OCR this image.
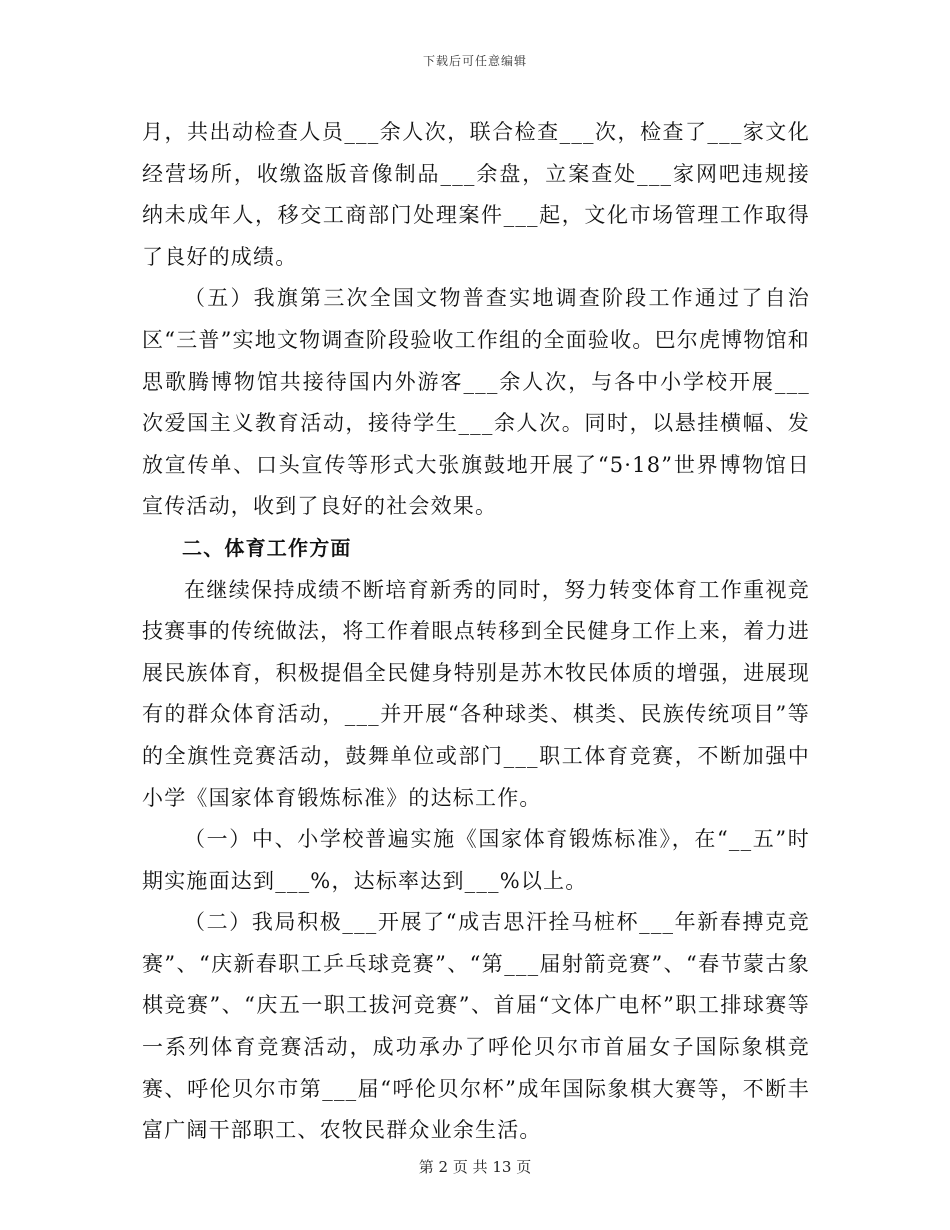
下载后可任意编辑

月，共出动检查人员___余人次，联合检查___次，检查了___家文化经营场所，收缴盗版音像制品___余盘，立案查处___家网吧违规接纳未成年人，移交工商部门处理案件___起，文化市场管理工作取得了良好的成绩。

（五）我旗第三次全国文物普查实地调查阶段工作通过了自治区“三普”实地文物调查阶段验收工作组的全面验收。巴尔虎博物馆和思歌腾博物馆共接待国内外游客___余人次，与各中小学校开展___次爱国主义教育活动，接待学生___余人次。同时，以悬挂横幅、发放宣传单、口头宣传等形式大张旗鼓地开展了“5·18”世界博物馆日宣传活动，收到了良好的社会效果。

二、体育工作方面

在继续保持成绩不断培育新秀的同时，努力转变体育工作重视竞技赛事的传统做法，将工作着眼点转移到全民健身工作上来，着力进展民族体育，积极提倡全民健身特别是苏木牧民体质的增强，进展现有的群众体育活动，___并开展“各种球类、棋类、民族传统项目”等的全旗性竞赛活动，鼓舞单位或部门___职工体育竞赛，不断加强中小学《国家体育锻炼标准》的达标工作。

（一）中、小学校普遍实施《国家体育锻炼标准》，在“__五”时期实施面达到___%，达标率达到___%以上。

（二）我局积极___开展了“成吉思汗拴马桩杯___年新春搏克竞赛”、“庆新春职工乒乓球竞赛”、“第___届射箭竞赛”、“春节蒙古象棋竞赛”、“庆五一职工拔河竞赛”、首届“文体广电杯”职工排球赛等一系列体育竞赛活动，成功承办了呼伦贝尔市首届女子国际象棋竞赛、呼伦贝尔市第___届“呼伦贝尔杯”成年国际象棋大赛等，不断丰富广阔干部职工、农牧民群众业余生活。

第 2 页 共 13 页
